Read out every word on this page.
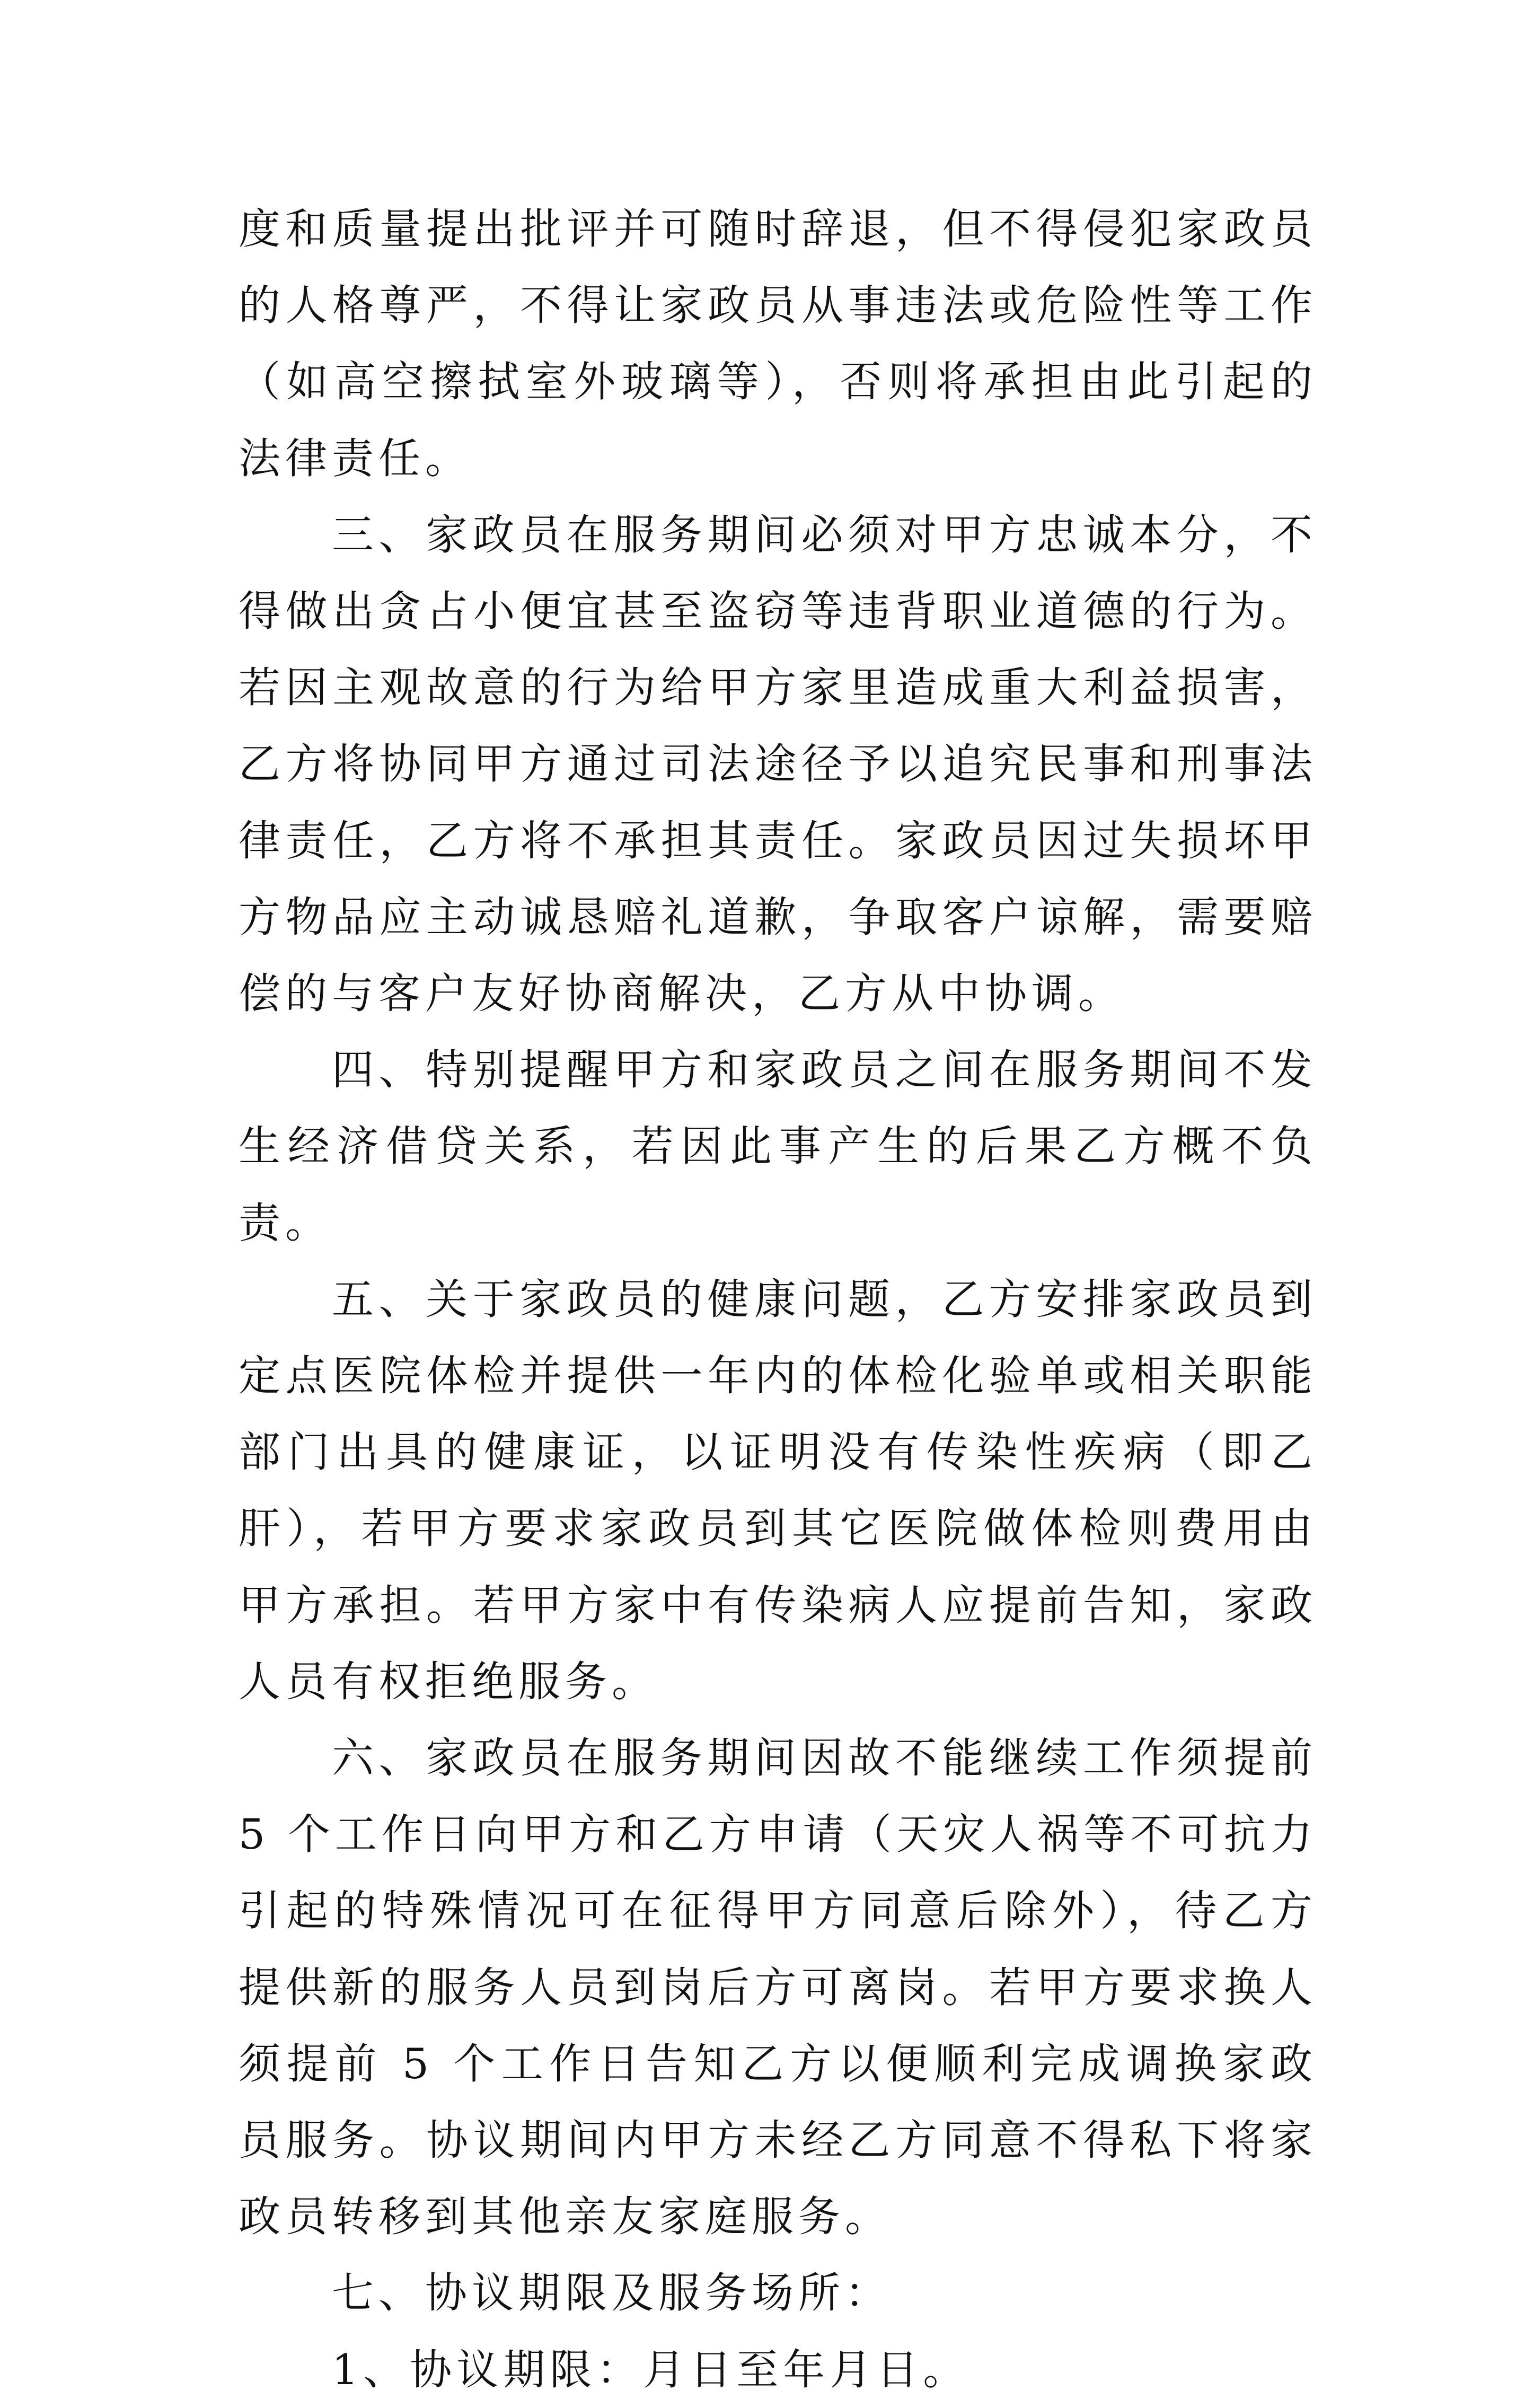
度和质量提出批评并可随时辞退，但不得侵犯家政员的人格尊严，不得让家政员从事违法或危险性等工作（如高空擦拭室外玻璃等），否则将承担由此引起的法律责任。

三、家政员在服务期间必须对甲方忠诚本分，不得做出贪占小便宜甚至盗窃等违背职业道德的行为。若因主观故意的行为给甲方家里造成重大利益损害，乙方将协同甲方通过司法途径予以追究民事和刑事法律责任，乙方将不承担其责任。家政员因过失损坏甲方物品应主动诚恳赔礼道歉，争取客户谅解，需要赔偿的与客户友好协商解决，乙方从中协调。

四、特别提醒甲方和家政员之间在服务期间不发生经济借贷关系，若因此事产生的后果乙方概不负责。

五、关于家政员的健康问题，乙方安排家政员到定点医院体检并提供一年内的体检化验单或相关职能部门出具的健康证，以证明没有传染性疾病（即乙肝），若甲方要求家政员到其它医院做体检则费用由甲方承担。若甲方家中有传染病人应提前告知，家政人员有权拒绝服务。

六、家政员在服务期间因故不能继续工作须提前 5 个工作日向甲方和乙方申请（天灾人祸等不可抗力引起的特殊情况可在征得甲方同意后除外），待乙方提供新的服务人员到岗后方可离岗。若甲方要求换人须提前 5 个工作日告知乙方以便顺利完成调换家政员服务。协议期间内甲方未经乙方同意不得私下将家政员转移到其他亲友家庭服务。

七、协议期限及服务场所：

1、协议期限：月日至年月日。
